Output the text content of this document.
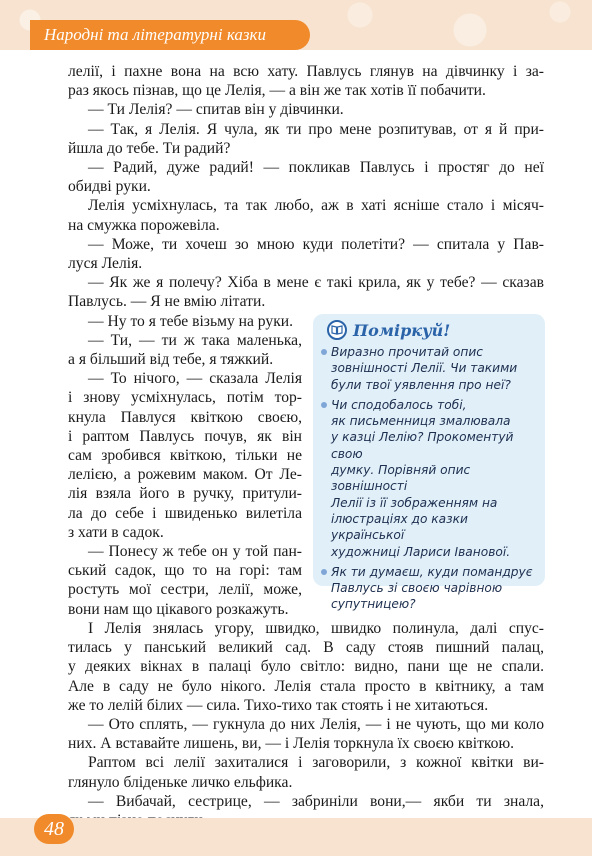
Народні та літературні казки

лелії, і пахне вона на всю хату. Павлусь глянув на дівчинку і за-

раз якось пізнав, що це Лелія, — а він же так хотів її побачити.

— Ти Лелія? — спитав він у дівчинки.

— Так, я Лелія. Я чула, як ти про мене розпитував, от я й при-

йшла до тебе. Ти радий?

— Радий, дуже радий! — покликав Павлусь і простяг до неї

обидві руки.

Лелія усміхнулась, та так любо, аж в хаті ясніше стало і місяч-

на смужка порожевіла.

— Може, ти хочеш зо мною куди полетіти? — спитала у Пав-

луся Лелія.

— Як же я полечу? Хіба в мене є такі крила, як у тебе? — сказав

Павлусь. — Я не вмію літати.

— Ну то я тебе візьму на руки.

— Ти, — ти ж така маленька,

а я більший від тебе, я тяжкий.

— То нічого, — сказала Лелія

і знову усміхнулась, потім тор-

кнула Павлуся квіткою своєю,

і раптом Павлусь почув, як він

сам зробився квіткою, тільки не

лелією, а рожевим маком. От Ле-

лія взяла його в ручку, притули-

ла до себе і швиденько вилетіла

з хати в садок.

— Понесу ж тебе он у той пан-

ський садок, що то на горі: там

ростуть мої сестри, лелії, може,

вони нам що цікавого розкажуть.

І Лелія знялась угору, швидко, швидко полинула, далі спус-

тилась у панський великий сад. В саду стояв пишний палац,

у деяких вікнах в палаці було світло: видно, пани ще не спали.

Але в саду не було нікого. Лелія стала просто в квітнику, а там

же то лелій білих — сила. Тихо-тихо так стоять і не хитаються.

— Ото сплять, — гукнула до них Лелія, — і не чують, що ми коло

них. А вставайте лишень, ви, — і Лелія торкнула їх своєю квіткою.

Раптом всі лелії захиталися і заговорили, з кожної квітки ви-

глянуло бліденьке личко ельфика.

— Вибачай, сестрице, — забриніли вони,— якби ти знала,

Поміркуй!
Виразно прочитай опис
зовнішності Лелії. Чи такими
були твої уявлення про неї?
Чи сподобалось тобі,
як письменниця змалювала
у казці Лелію? Прокоментуй свою
думку. Порівняй опис зовнішності
Лелії із її зображенням на
ілюстраціях до казки української
художниці Лариси Іванової.
Як ти думаєш, куди помандрує
Павлусь зі своєю чарівною
супутницею?
48
